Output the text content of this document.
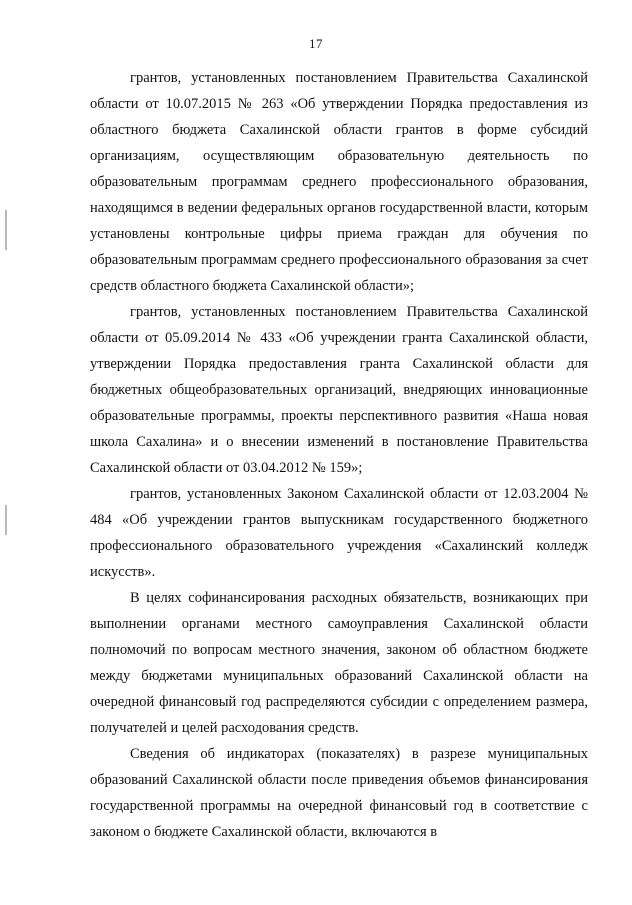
17

грантов, установленных постановлением Правительства Сахалинской области от 10.07.2015 № 263 «Об утверждении Порядка предоставления из областного бюджета Сахалинской области грантов в форме субсидий организациям, осуществляющим образовательную деятельность по образовательным программам среднего профессионального образования, находящимся в ведении федеральных органов государственной власти, которым установлены контрольные цифры приема граждан для обучения по образовательным программам среднего профессионального образования за счет средств областного бюджета Сахалинской области»;

грантов, установленных постановлением Правительства Сахалинской области от 05.09.2014 № 433 «Об учреждении гранта Сахалинской области, утверждении Порядка предоставления гранта Сахалинской области для бюджетных общеобразовательных организаций, внедряющих инновационные образовательные программы, проекты перспективного развития «Наша новая школа Сахалина» и о внесении изменений в постановление Правительства Сахалинской области от 03.04.2012 № 159»;

грантов, установленных Законом Сахалинской области от 12.03.2004 № 484 «Об учреждении грантов выпускникам государственного бюджетного профессионального образовательного учреждения «Сахалинский колледж искусств».

В целях софинансирования расходных обязательств, возникающих при выполнении органами местного самоуправления Сахалинской области полномочий по вопросам местного значения, законом об областном бюджете между бюджетами муниципальных образований Сахалинской области на очередной финансовый год распределяются субсидии с определением размера, получателей и целей расходования средств.

Сведения об индикаторах (показателях) в разрезе муниципальных образований Сахалинской области после приведения объемов финансирования государственной программы на очередной финансовый год в соответствие с законом о бюджете Сахалинской области, включаются в
